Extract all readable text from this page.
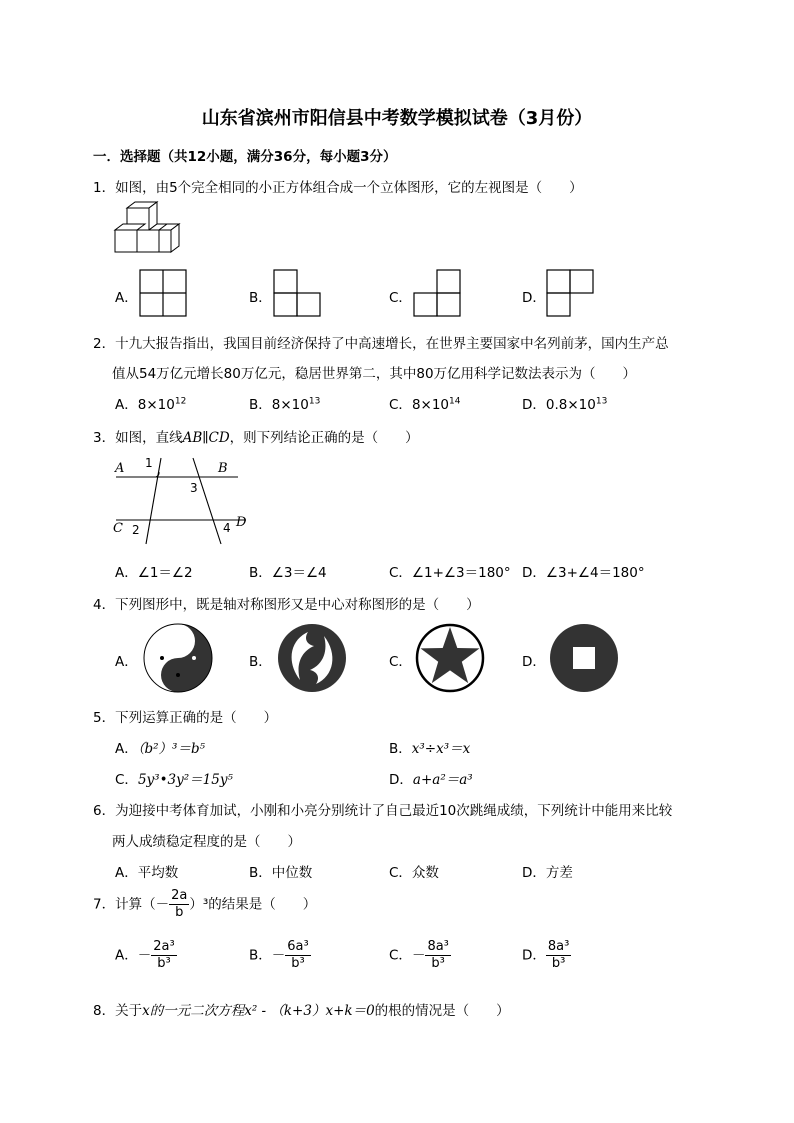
山东省滨州市阳信县中考数学模拟试卷（3月份）
一．选择题（共12小题，满分36分，每小题3分）
1．如图，由5个完全相同的小正方体组合成一个立体图形，它的左视图是（　　）
A．	B．	C．	D．
2．十九大报告指出，我国目前经济保持了中高速增长，在世界主要国家中名列前茅，国内生产总
值从54万亿元增长80万亿元，稳居世界第二，其中80万亿用科学记数法表示为（　　）
A．$8\times 10^{12}$	B．$8\times 10^{13}$	C．$8\times 10^{14}$	D．$0.8\times 10^{13}$
3．如图，直线AB∥CD，则下列结论正确的是（　　）
A	B
C	D
1
3
2	4
A．∠1＝∠2	B．∠3＝∠4	C．∠1+∠3＝180° D．∠3+∠4＝180°
4．下列图形中，既是轴对称图形又是中心对称图形的是（　　）
A．	B．	C．	D．
5．下列运算正确的是（　　）
A．（b²）³＝b⁵	B．x³÷x³＝x
C．5y³•3y²＝15y⁵	D．a+a²＝a³
6．为迎接中考体育加试，小刚和小亮分别统计了自己最近10次跳绳成绩，下列统计中能用来比较
两人成绩稳定程度的是（　　）
A．平均数	B．中位数	C．众数	D．方差
7．计算（－ $\frac{2a}{b} )^3$的结果是（　　）
A．－ $\frac{\text{2a³}}{\text{b³}}$	B．－ $\frac{\text{6a³}}{\text{b³}}$	C．－ $\frac{\text{8a³}}{\text{b³}}$	D． $\frac{\text{8a³}}{\text{b³}}$
8．关于x的一元二次方程x² - （k+3）x+k＝0的根的情况是（　　）
